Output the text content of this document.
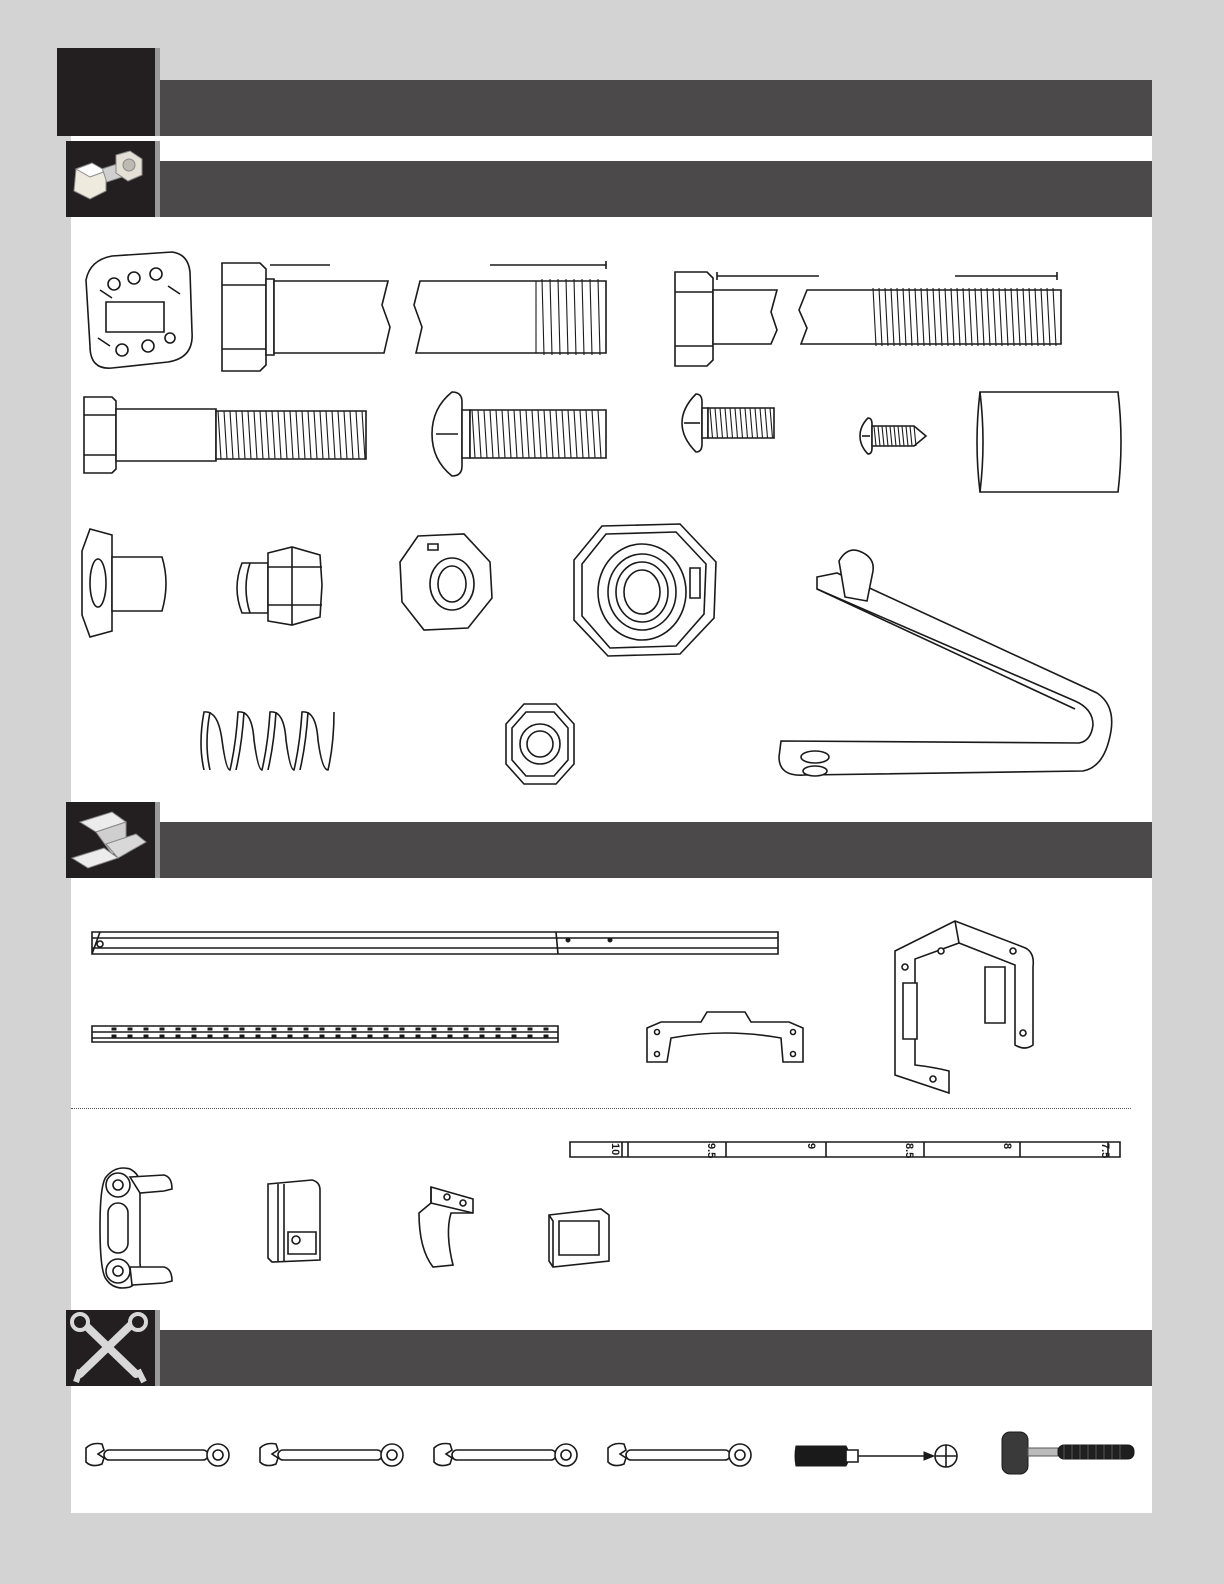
10	9.5	9	8.5	8	7.5
